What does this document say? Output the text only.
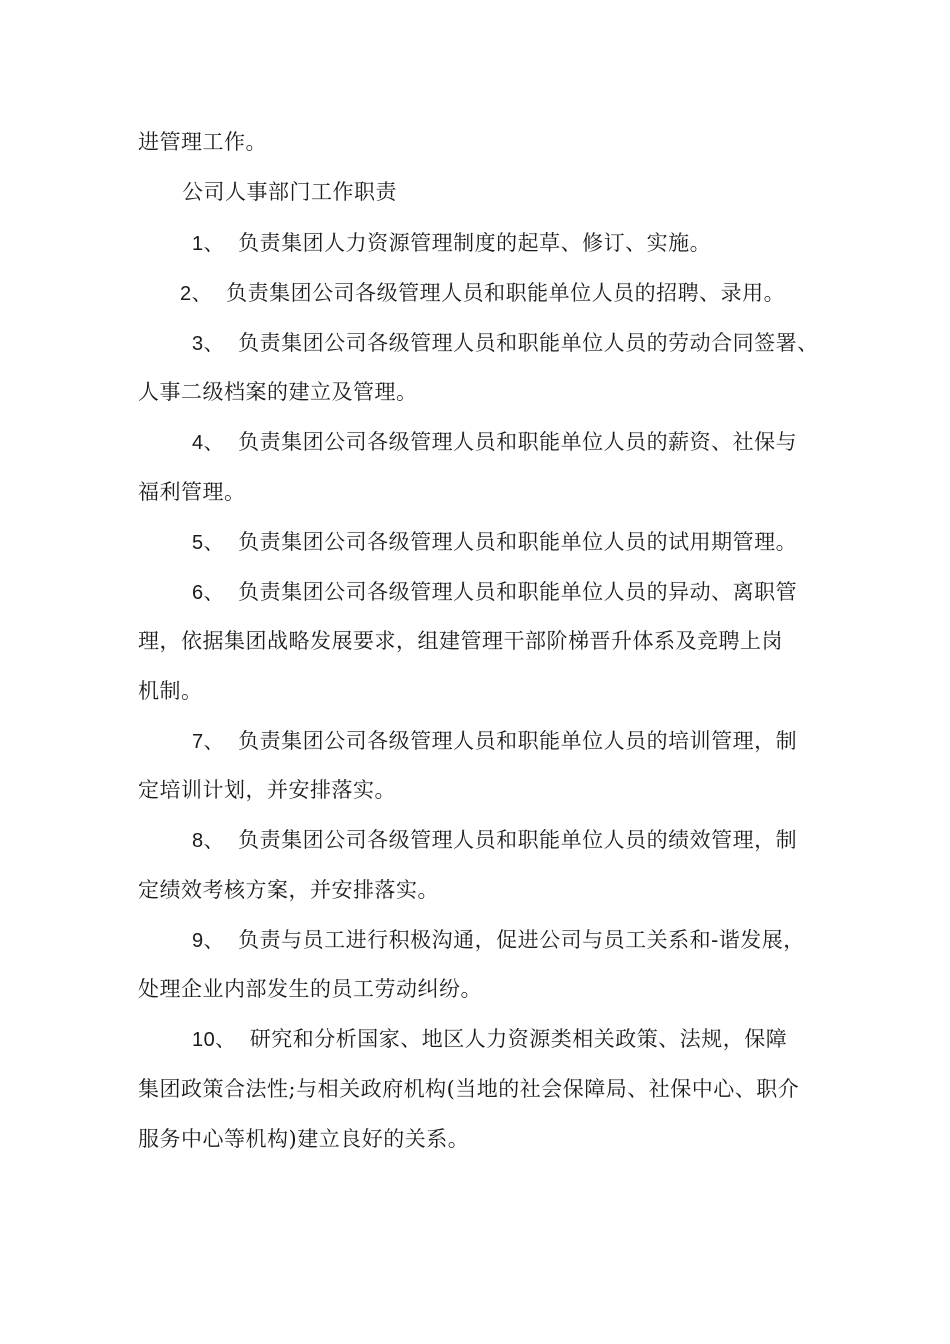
进管理工作。
公司人事部门工作职责
1、 负责集团人力资源管理制度的起草、修订、实施。
2、 负责集团公司各级管理人员和职能单位人员的招聘、录用。
3、 负责集团公司各级管理人员和职能单位人员的劳动合同签署、
人事二级档案的建立及管理。
4、 负责集团公司各级管理人员和职能单位人员的薪资、社保与
福利管理。
5、 负责集团公司各级管理人员和职能单位人员的试用期管理。
6、 负责集团公司各级管理人员和职能单位人员的异动、离职管
理，依据集团战略发展要求，组建管理干部阶梯晋升体系及竞聘上岗
机制。
7、 负责集团公司各级管理人员和职能单位人员的培训管理，制
定培训计划，并安排落实。
8、 负责集团公司各级管理人员和职能单位人员的绩效管理，制
定绩效考核方案，并安排落实。
9、 负责与员工进行积极沟通，促进公司与员工关系和-谐发展，
处理企业内部发生的员工劳动纠纷。
10、 研究和分析国家、地区人力资源类相关政策、法规，保障
集团政策合法性;与相关政府机构(当地的社会保障局、社保中心、职介
服务中心等机构)建立良好的关系。
